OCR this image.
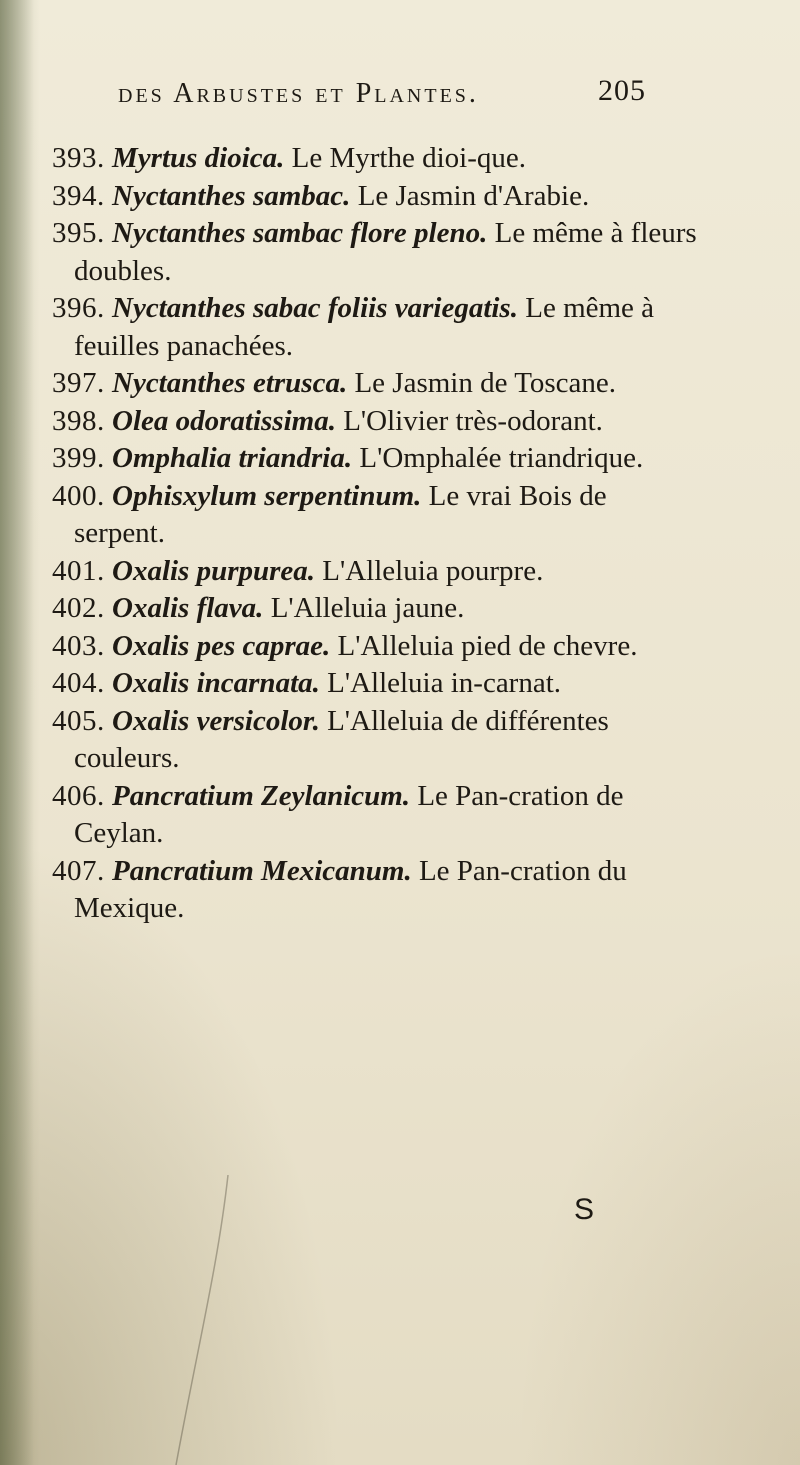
des Arbustes et Plantes.	205

393. Myrtus dioica. Le Myrthe dioi-que.

394. Nyctanthes sambac. Le Jasmin d'Arabie.

395. Nyctanthes sambac flore pleno. Le même à fleurs doubles.

396. Nyctanthes sabac foliis variegatis. Le même à feuilles panachées.

397. Nyctanthes etrusca. Le Jasmin de Toscane.

398. Olea odoratissima. L'Olivier très-odorant.

399. Omphalia triandria. L'Omphalée triandrique.

400. Ophisxylum serpentinum. Le vrai Bois de serpent.

401. Oxalis purpurea. L'Alleluia pourpre.

402. Oxalis flava. L'Alleluia jaune.

403. Oxalis pes caprae. L'Alleluia pied de chevre.

404. Oxalis incarnata. L'Alleluia in-carnat.

405. Oxalis versicolor. L'Alleluia de différentes couleurs.

406. Pancratium Zeylanicum. Le Pan-cration de Ceylan.

407. Pancratium Mexicanum. Le Pan-cration du Mexique.

S
